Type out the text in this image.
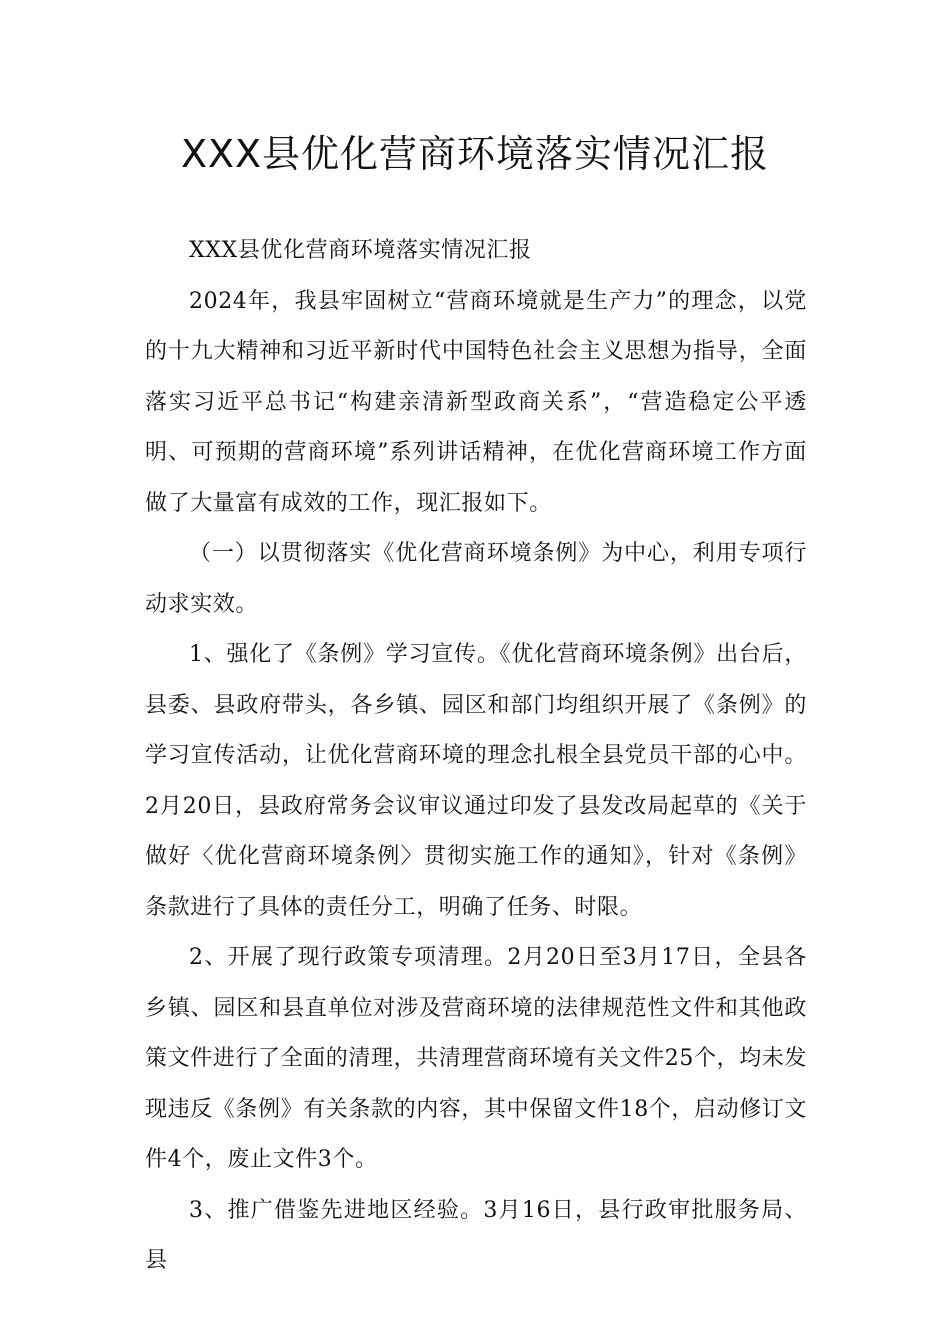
XXX县优化营商环境落实情况汇报

XXX县优化营商环境落实情况汇报

2024年，我县牢固树立“营商环境就是生产力”的理念，以党的十九大精神和习近平新时代中国特色社会主义思想为指导，全面落实习近平总书记“构建亲清新型政商关系”，“营造稳定公平透明、可预期的营商环境”系列讲话精神，在优化营商环境工作方面做了大量富有成效的工作，现汇报如下。

（一）以贯彻落实《优化营商环境条例》为中心，利用专项行动求实效。

1、强化了《条例》学习宣传。《优化营商环境条例》出台后，县委、县政府带头，各乡镇、园区和部门均组织开展了《条例》的学习宣传活动，让优化营商环境的理念扎根全县党员干部的心中。2月20日，县政府常务会议审议通过印发了县发改局起草的《关于做好〈优化营商环境条例〉贯彻实施工作的通知》，针对《条例》条款进行了具体的责任分工，明确了任务、时限。

2、开展了现行政策专项清理。2月20日至3月17日，全县各乡镇、园区和县直单位对涉及营商环境的法律规范性文件和其他政策文件进行了全面的清理，共清理营商环境有关文件25个，均未发现违反《条例》有关条款的内容，其中保留文件18个，启动修订文件4个，废止文件3个。

3、推广借鉴先进地区经验。3月16日，县行政审批服务局、县
